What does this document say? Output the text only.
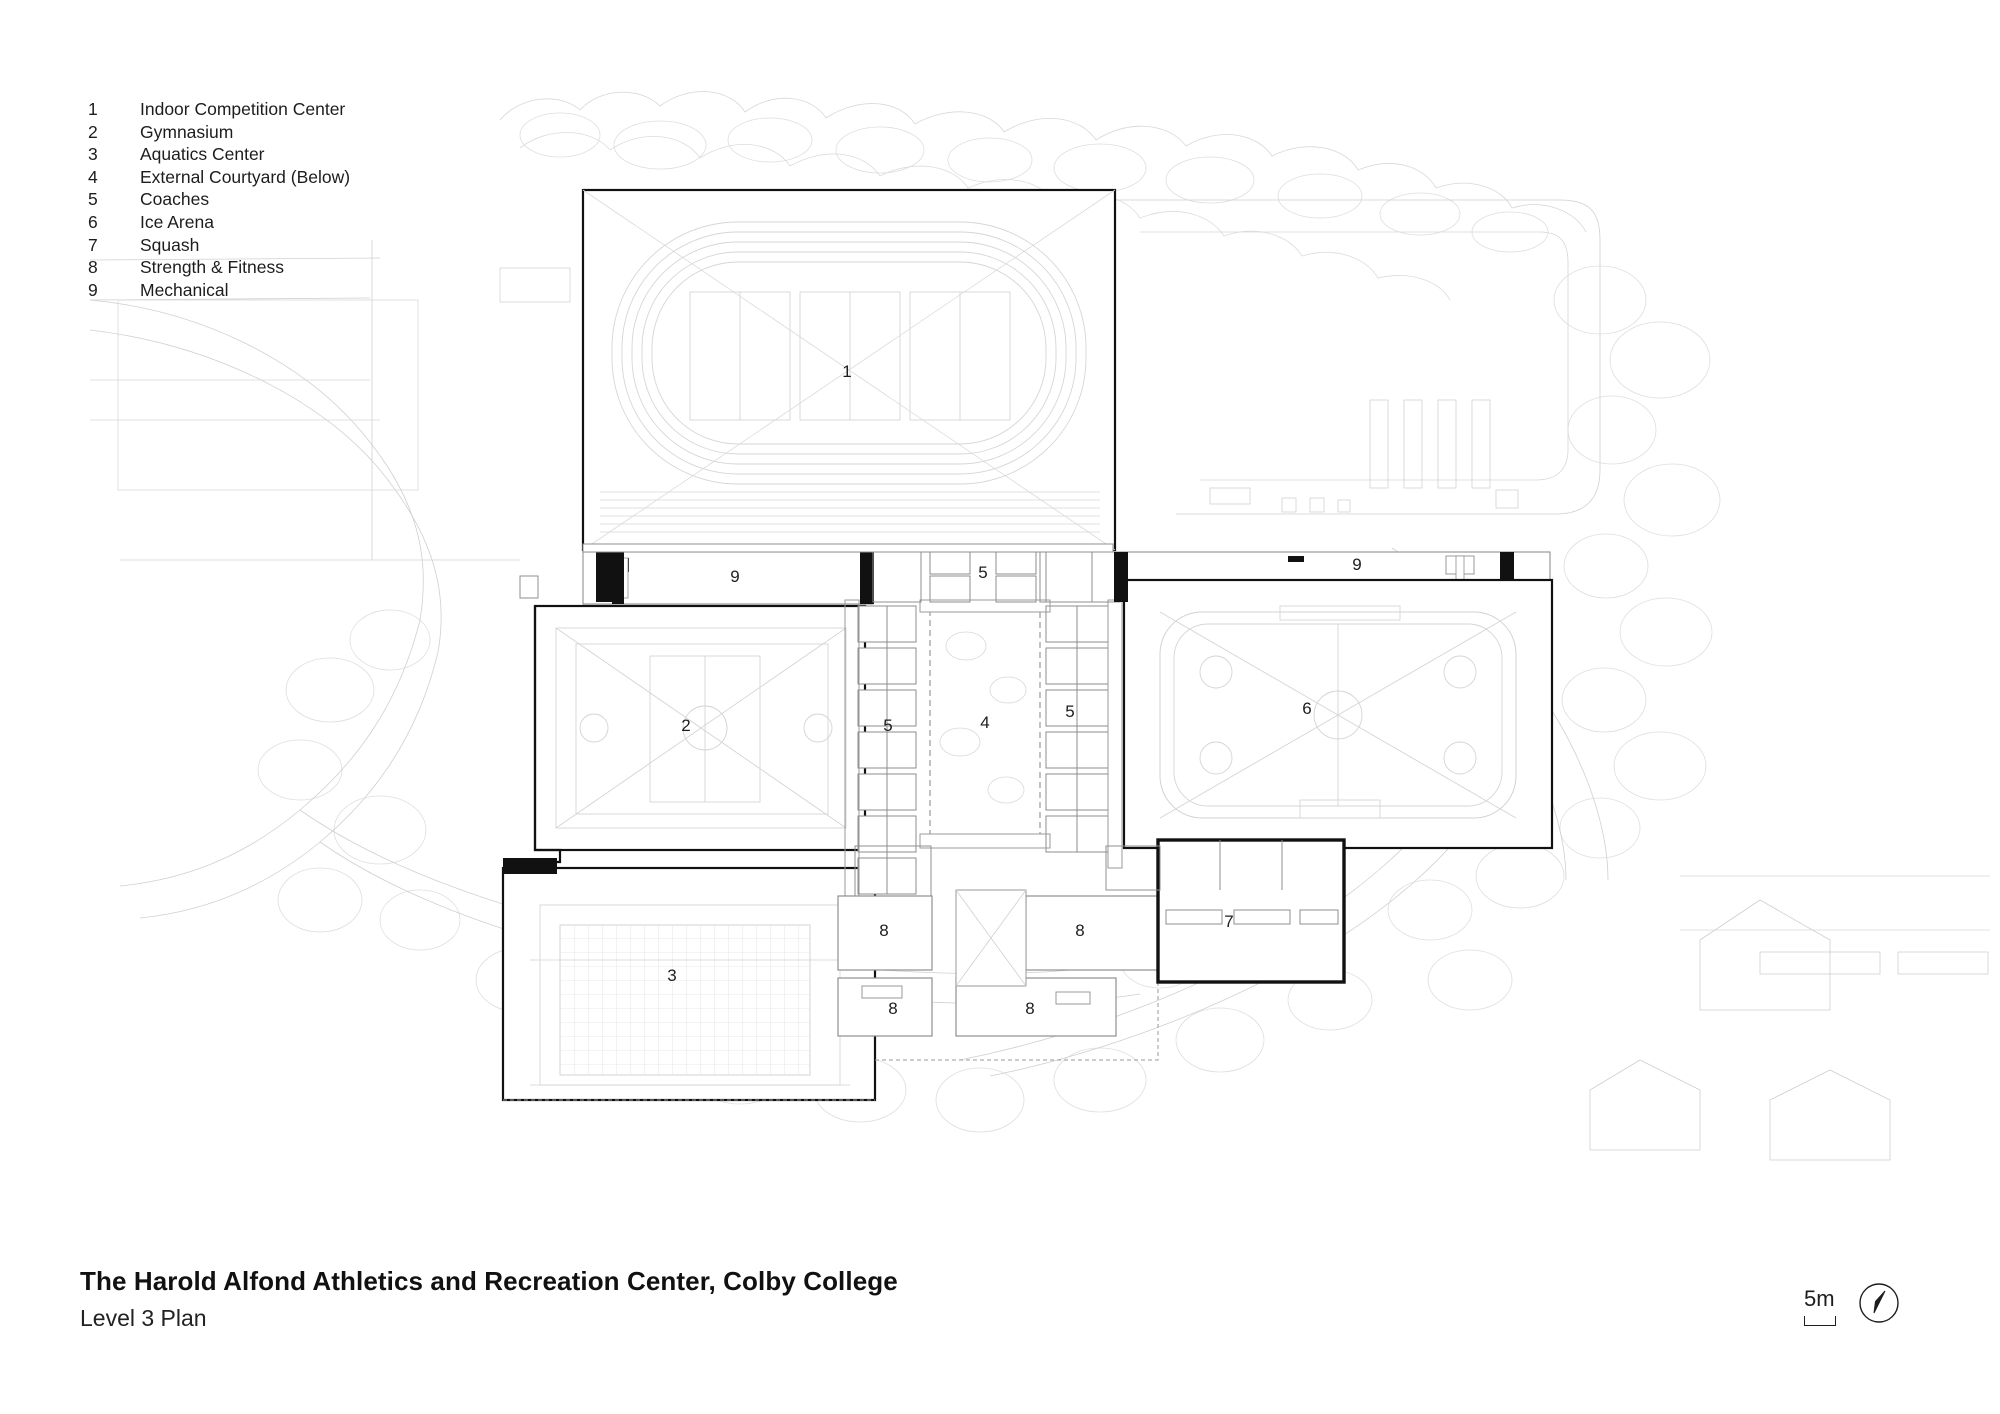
1	Indoor Competition Center
2	Gymnasium
3	Aquatics Center
4	External Courtyard (Below)
5	Coaches
6	Ice Arena
7	Squash
8	Strength & Fitness
9	Mechanical
1
9	5	9
2	5	4
5	6
8	8	7
3
8	8
The Harold Alfond Athletics and Recreation Center, Colby College
Level 3 Plan
5m
